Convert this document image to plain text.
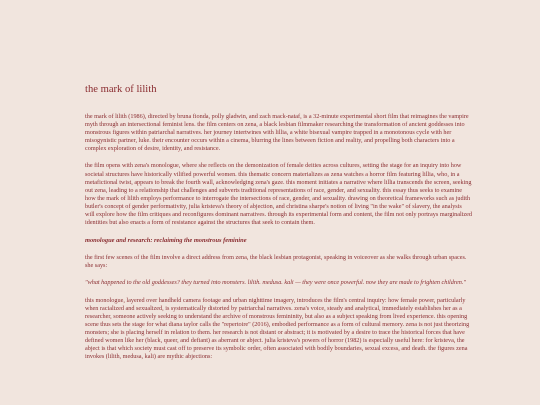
the mark of lilith

the mark of lilith (1986), directed by bruna fionda, polly gladwin, and zach mack-nataf, is a 32-minute experimental short film that reimagines the vampire myth through an intersectional feminist lens. the film centers on zena, a black lesbian filmmaker researching the transformation of ancient goddesses into monstrous figures within patriarchal narratives. her journey intertwines with lillia, a white bisexual vampire trapped in a monotonous cycle with her misogynistic partner, luke. their encounter occurs within a cinema, blurring the lines between fiction and reality, and propelling both characters into a complex exploration of desire, identity, and resistance.

the film opens with zena's monologue, where she reflects on the demonization of female deities across cultures, setting the stage for an inquiry into how societal structures have historically vilified powerful women. this thematic concern materializes as zena watches a horror film featuring lillia, who, in a metafictional twist, appears to break the fourth wall, acknowledging zena's gaze. this moment initiates a narrative where lillia transcends the screen, seeking out zena, leading to a relationship that challenges and subverts traditional representations of race, gender, and sexuality. this essay thus seeks to examine how the mark of lilith employs performance to interrogate the intersections of race, gender, and sexuality. drawing on theoretical frameworks such as judith butler's concept of gender performativity, julia kristeva's theory of abjection, and christina sharpe's notion of living "in the wake" of slavery, the analysis will explore how the film critiques and reconfigures dominant narratives. through its experimental form and content, the film not only portrays marginalized identities but also enacts a form of resistance against the structures that seek to contain them.

monologue and research: reclaiming the monstrous feminine

the first few scenes of the film involve a direct address from zena, the black lesbian protagonist, speaking in voiceover as she walks through urban spaces. she says:

"what happened to the old goddesses? they turned into monsters. lilith. medusa. kali — they were once powerful. now they are made to frighten children."

this monologue, layered over handheld camera footage and urban nighttime imagery, introduces the film's central inquiry: how female power, particularly when racialized and sexualized, is systematically distorted by patriarchal narratives. zena's voice, steady and analytical, immediately establishes her as a researcher, someone actively seeking to understand the archive of monstrous femininity, but also as a subject speaking from lived experience. this opening scene thus sets the stage for what diana taylor calls the "repertoire" (2016), embodied performance as a form of cultural memory. zena is not just theorizing monsters; she is placing herself in relation to them. her research is not distant or abstract; it is motivated by a desire to trace the historical forces that have defined women like her (black, queer, and defiant) as aberrant or abject. julia kristeva's powers of horror (1982) is especially useful here: for kristeva, the abject is that which society must cast off to preserve its symbolic order, often associated with bodily boundaries, sexual excess, and death. the figures zena invokes (lilith, medusa, kali) are mythic abjections:
